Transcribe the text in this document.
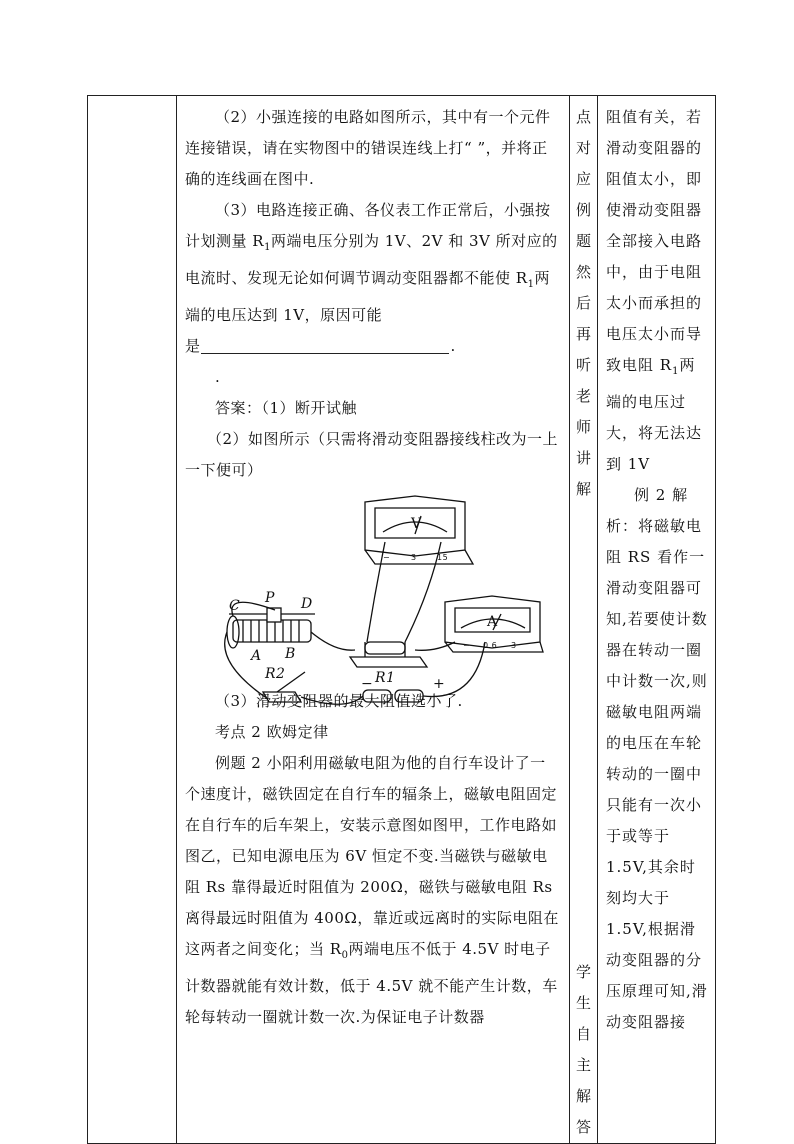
（2）小强连接的电路如图所示，其中有一个元件连接错误，请在实物图中的错误连线上打“ ”，并将正确的连线画在图中.

（3）电路连接正确、各仪表工作正常后，小强按计划测量 $R_1$两端电压分别为 1V、2V 和 3V 所对应的电流时、发现无论如何调节调动变阻器都不能使 $R_1$两端的电压达到 1V，原因可能

是	.

.

答案：（1）断开试触

（2）如图所示（只需将滑动变阻器接线柱改为一上一下便可）

C P D
A B
R2	R1
V
A
−	+
−	3	15
− 0.6 3

（3）滑动变阻器的最大阻值选小了.

考点 2 欧姆定律

例题 2 小阳利用磁敏电阻为他的自行车设计了一个速度计，磁铁固定在自行车的辐条上，磁敏电阻固定在自行车的后车架上，安装示意图如图甲，工作电路如图乙，已知电源电压为 6V 恒定不变.当磁铁与磁敏电阻 Rs 靠得最近时阻值为 200Ω，磁铁与磁敏电阻 Rs 离得最远时阻值为 400Ω，靠近或远离时的实际电阻在这两者之间变化；当 $R_0$两端电压不低于 4.5V 时电子计数器就能有效计数，低于 4.5V 就不能产生计数，车轮每转动一圈就计数一次.为保证电子计数器

点
对
应
例
题
然
后
再
听
老
师
讲
解
学
生
自
主
解
答

阻值有关，若滑动变阻器的阻值太小，即使滑动变阻器全部接入电路中，由于电阻太小而承担的电压太小而导致电阻 $R_1$两端的电压过大，将无法达到 1V

例 2 解析：将磁敏电阻 RS 看作一滑动变阻器可知,若要使计数器在转动一圈中计数一次,则磁敏电阻两端的电压在车轮转动的一圈中只能有一次小于或等于 1.5V,其余时刻均大于 1.5V,根据滑动变阻器的分压原理可知,滑动变阻器接
